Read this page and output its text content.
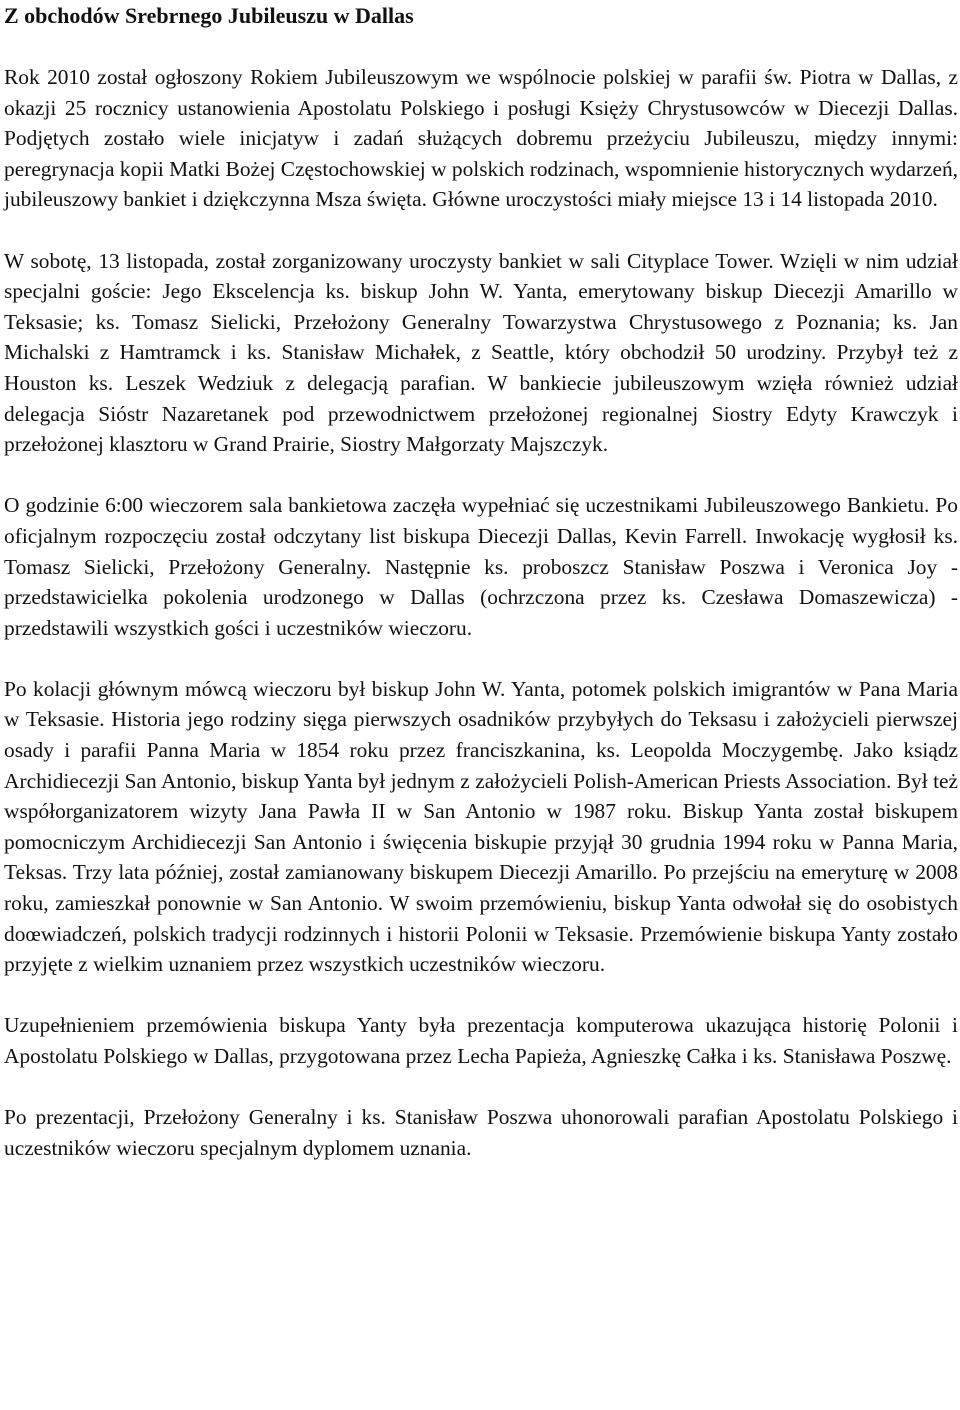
Z obchodów Srebrnego Jubileuszu w Dallas

Rok 2010 został ogłoszony Rokiem Jubileuszowym we wspólnocie polskiej w parafii św. Piotra w Dallas, z okazji 25 rocznicy ustanowienia Apostolatu Polskiego i posługi Księży Chrystusowców w Diecezji Dallas. Podjętych zostało wiele inicjatyw i zadań służących dobremu przeżyciu Jubileuszu, między innymi: peregrynacja kopii Matki Bożej Częstochowskiej w polskich rodzinach, wspomnienie historycznych wydarzeń, jubileuszowy bankiet i dziękczynna Msza święta. Główne uroczystości miały miejsce 13 i 14 listopada 2010.

W sobotę, 13 listopada, został zorganizowany uroczysty bankiet w sali Cityplace Tower. Wzięli w nim udział specjalni goście: Jego Ekscelencja ks. biskup John W. Yanta, emerytowany biskup Diecezji Amarillo w Teksasie; ks. Tomasz Sielicki, Przełożony Generalny Towarzystwa Chrystusowego z Poznania; ks. Jan Michalski z Hamtramck i ks. Stanisław Michałek, z Seattle, który obchodził 50 urodziny. Przybył też z Houston ks. Leszek Wedziuk z delegacją parafian. W bankiecie jubileuszowym wzięła również udział delegacja Sióstr Nazaretanek pod przewodnictwem przełożonej regionalnej Siostry Edyty Krawczyk i przełożonej klasztoru w Grand Prairie, Siostry Małgorzaty Majszczyk.

O godzinie 6:00 wieczorem sala bankietowa zaczęła wypełniać się uczestnikami Jubileuszowego Bankietu. Po oficjalnym rozpoczęciu został odczytany list biskupa Diecezji Dallas, Kevin Farrell. Inwokację wygłosił ks. Tomasz Sielicki, Przełożony Generalny. Następnie ks. proboszcz Stanisław Poszwa i Veronica Joy - przedstawicielka pokolenia urodzonego w Dallas (ochrzczona przez ks. Czesława Domaszewicza) - przedstawili wszystkich gości i uczestników wieczoru.

Po kolacji głównym mówcą wieczoru był biskup John W. Yanta, potomek polskich imigrantów w Pana Maria w Teksasie. Historia jego rodziny sięga pierwszych osadników przybyłych do Teksasu i założycieli pierwszej osady i parafii Panna Maria w 1854 roku przez franciszkanina, ks. Leopolda Moczygembę. Jako ksiądz Archidiecezji San Antonio, biskup Yanta był jednym z założycieli Polish-American Priests Association. Był też współorganizatorem wizyty Jana Pawła II w San Antonio w 1987 roku. Biskup Yanta został biskupem pomocniczym Archidiecezji San Antonio i święcenia biskupie przyjął 30 grudnia 1994 roku w Panna Maria, Teksas. Trzy lata później, został zamianowany biskupem Diecezji Amarillo. Po przejściu na emeryturę w 2008 roku, zamieszkał ponownie w San Antonio. W swoim przemówieniu, biskup Yanta odwołał się do osobistych doœwiadczeń, polskich tradycji rodzinnych i historii Polonii w Teksasie. Przemówienie biskupa Yanty zostało przyjęte z wielkim uznaniem przez wszystkich uczestników wieczoru.

Uzupełnieniem przemówienia biskupa Yanty była prezentacja komputerowa ukazująca historię Polonii i Apostolatu Polskiego w Dallas, przygotowana przez Lecha Papieża, Agnieszkę Całka i ks. Stanisława Poszwę.

Po prezentacji, Przełożony Generalny i ks. Stanisław Poszwa uhonorowali parafian Apostolatu Polskiego i uczestników wieczoru specjalnym dyplomem uznania.
